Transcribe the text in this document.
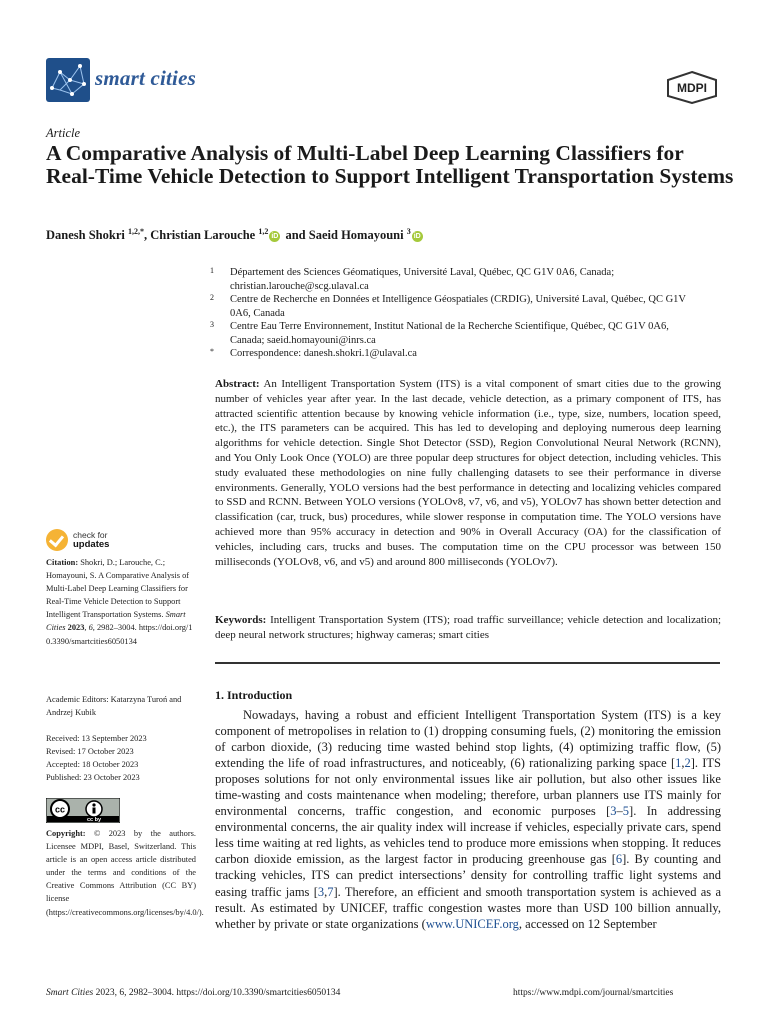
smart cities	MDPI
Article
A Comparative Analysis of Multi-Label Deep Learning Classifiers for Real-Time Vehicle Detection to Support Intelligent Transportation Systems
Danesh Shokri $^{1,2,*}$, Christian Larouche $^{1,2}$iD and Saeid Homayouni $^3$iD
1	Département des Sciences Géomatiques, Université Laval, Québec, QC G1V 0A6, Canada; christian.larouche@scg.ulaval.ca
2	Centre de Recherche en Données et Intelligence Géospatiales (CRDIG), Université Laval, Québec, QC G1V 0A6, Canada
3	Centre Eau Terre Environnement, Institut National de la Recherche Scientifique, Québec, QC G1V 0A6, Canada; saeid.homayouni@inrs.ca
*	Correspondence: danesh.shokri.1@ulaval.ca
Abstract: An Intelligent Transportation System (ITS) is a vital component of smart cities due to the growing number of vehicles year after year. In the last decade, vehicle detection, as a primary component of ITS, has attracted scientific attention because by knowing vehicle information (i.e., type, size, numbers, location speed, etc.), the ITS parameters can be acquired. This has led to developing and deploying numerous deep learning algorithms for vehicle detection. Single Shot Detector (SSD), Region Convolutional Neural Network (RCNN), and You Only Look Once (YOLO) are three popular deep structures for object detection, including vehicles. This study evaluated these methodologies on nine fully challenging datasets to see their performance in diverse environments. Generally, YOLO versions had the best performance in detecting and localizing vehicles compared to SSD and RCNN. Between YOLO versions (YOLOv8, v7, v6, and v5), YOLOv7 has shown better detection and classification (car, truck, bus) procedures, while slower response in computation time. The YOLO versions have achieved more than 95% accuracy in detection and 90% in Overall Accuracy (OA) for the classification of vehicles, including cars, trucks and buses. The computation time on the CPU processor was between 150 milliseconds (YOLOv8, v6, and v5) and around 800 milliseconds (YOLOv7).
Keywords: Intelligent Transportation System (ITS); road traffic surveillance; vehicle detection and localization; deep neural network structures; highway cameras; smart cities
check for
updates
Citation: Shokri, D.; Larouche, C.; Homayouni, S. A Comparative Analysis of Multi-Label Deep Learning Classifiers for Real-Time Vehicle Detection to Support Intelligent Transportation Systems. Smart Cities 2023, 6, 2982–3004. https://doi.org/10.3390/smartcities6050134
Academic Editors: Katarzyna Turoń and Andrzej Kubik
Received: 13 September 2023
Revised: 17 October 2023
Accepted: 18 October 2023
Published: 23 October 2023
cc
cc by
Copyright: © 2023 by the authors. Licensee MDPI, Basel, Switzerland. This article is an open access article distributed under the terms and conditions of the Creative Commons Attribution (CC BY) license (https://creativecommons.org/licenses/by/4.0/).
1. Introduction
Nowadays, having a robust and efficient Intelligent Transportation System (ITS) is a key component of metropolises in relation to (1) dropping consuming fuels, (2) monitoring the emission of carbon dioxide, (3) reducing time wasted behind stop lights, (4) optimizing traffic flow, (5) extending the life of road infrastructures, and noticeably, (6) rationalizing parking space [1,2]. ITS proposes solutions for not only environmental issues like air pollution, but also other issues like time-wasting and costs maintenance when modeling; therefore, urban planners use ITS mainly for environmental concerns, traffic congestion, and economic purposes [3–5]. In addressing environmental concerns, the air quality index will increase if vehicles, especially private cars, spend less time waiting at red lights, as vehicles tend to produce more emissions when stopping. It reduces carbon dioxide emission, as the largest factor in producing greenhouse gas [6]. By counting and tracking vehicles, ITS can predict intersections’ density for controlling traffic light systems and easing traffic jams [3,7]. Therefore, an efficient and smooth transportation system is achieved as a result. As estimated by UNICEF, traffic congestion wastes more than USD 100 billion annually, whether by private or state organizations (www.UNICEF.org, accessed on 12 September
Smart Cities 2023, 6, 2982–3004. https://doi.org/10.3390/smartcities6050134	https://www.mdpi.com/journal/smartcities
